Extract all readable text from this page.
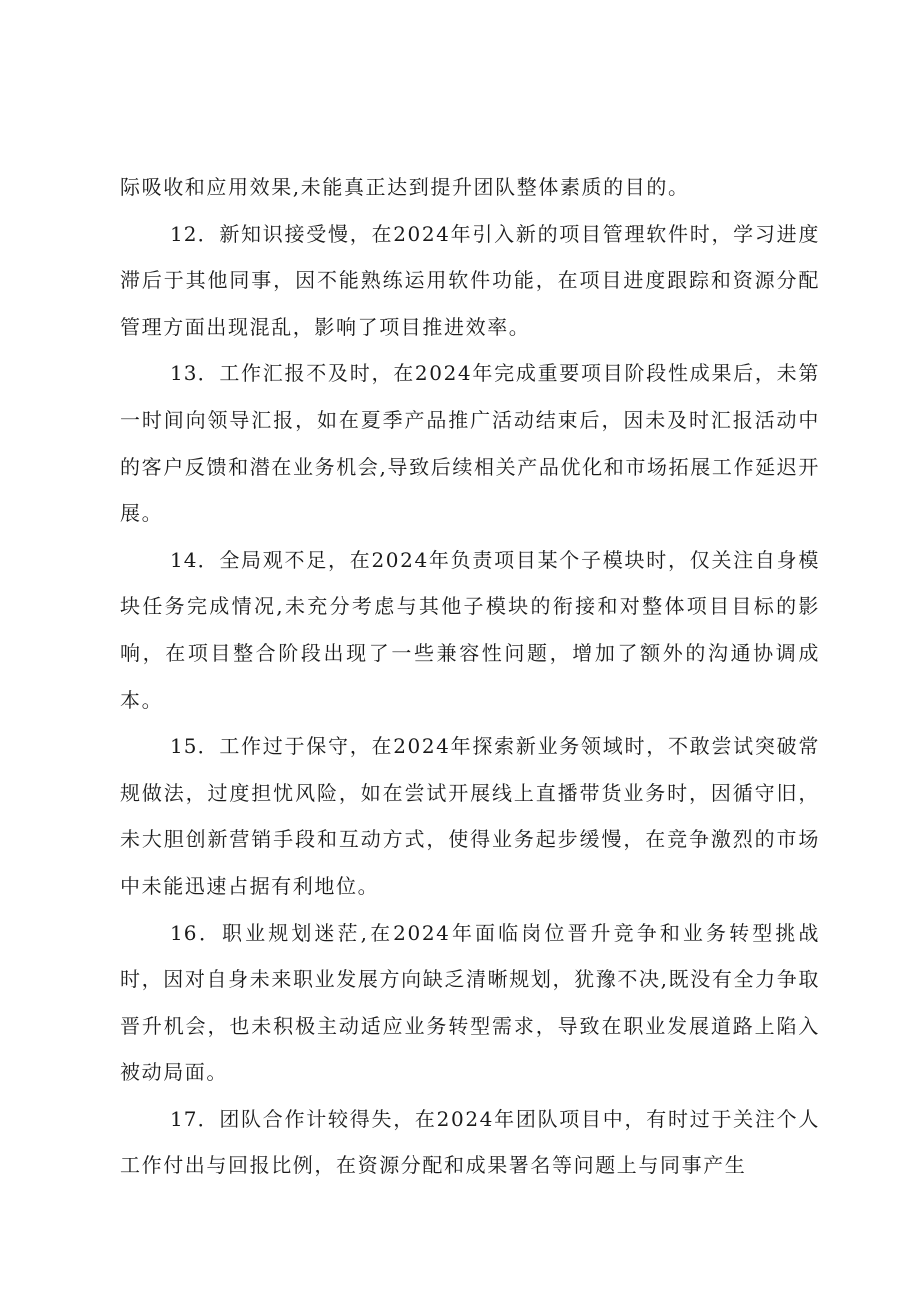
际吸收和应用效果,未能真正达到提升团队整体素质的目的。

12．新知识接受慢，在2024年引入新的项目管理软件时，学习进度滞后于其他同事，因不能熟练运用软件功能，在项目进度跟踪和资源分配管理方面出现混乱，影响了项目推进效率。

13．工作汇报不及时，在2024年完成重要项目阶段性成果后，未第一时间向领导汇报，如在夏季产品推广活动结束后，因未及时汇报活动中的客户反馈和潜在业务机会,导致后续相关产品优化和市场拓展工作延迟开展。

14．全局观不足，在2024年负责项目某个子模块时，仅关注自身模块任务完成情况,未充分考虑与其他子模块的衔接和对整体项目目标的影响，在项目整合阶段出现了一些兼容性问题，增加了额外的沟通协调成本。

15．工作过于保守，在2024年探索新业务领域时，不敢尝试突破常规做法，过度担忧风险，如在尝试开展线上直播带货业务时，因循守旧，未大胆创新营销手段和互动方式，使得业务起步缓慢，在竞争激烈的市场中未能迅速占据有利地位。

16．职业规划迷茫,在2024年面临岗位晋升竞争和业务转型挑战时，因对自身未来职业发展方向缺乏清晰规划，犹豫不决,既没有全力争取晋升机会，也未积极主动适应业务转型需求，导致在职业发展道路上陷入被动局面。

17．团队合作计较得失，在2024年团队项目中，有时过于关注个人工作付出与回报比例，在资源分配和成果署名等问题上与同事产生
